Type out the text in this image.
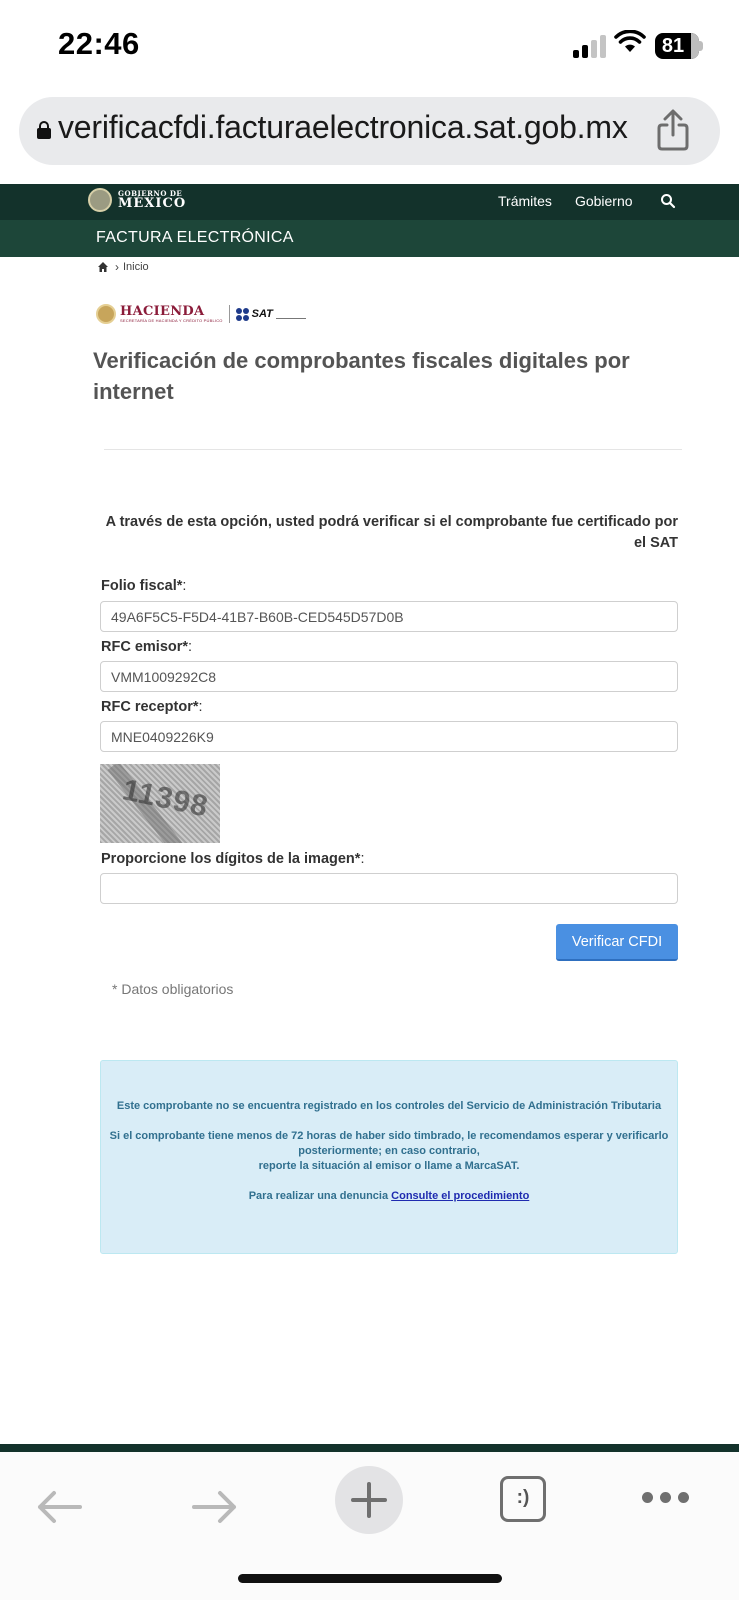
22:46	81
verificacfdi.facturaelectronica.sat.gob.mx
GOBIERNO DE
MÉXICO	Trámites Gobierno
FACTURA ELECTRÓNICA
› Inicio
HACIENDA
SECRETARÍA DE HACIENDA Y CRÉDITO PÚBLICO	SAT
Verificación de comprobantes fiscales digitales por internet

A través de esta opción, usted podrá verificar si el comprobante fue certificado por el SAT

Folio fiscal*:
49A6F5C5-F5D4-41B7-B60B-CED545D57D0B
RFC emisor*:
VMM1009292C8
RFC receptor*:
MNE0409226K9
11398
Proporcione los dígitos de la imagen*:
Verificar CFDI
* Datos obligatorios

Este comprobante no se encuentra registrado en los controles del Servicio de Administración Tributaria

Si el comprobante tiene menos de 72 horas de haber sido timbrado, le recomendamos esperar y verificarlo posteriormente; en caso contrario,

reporte la situación al emisor o llame a MarcaSAT.

Para realizar una denuncia Consulte el procedimiento

:)
